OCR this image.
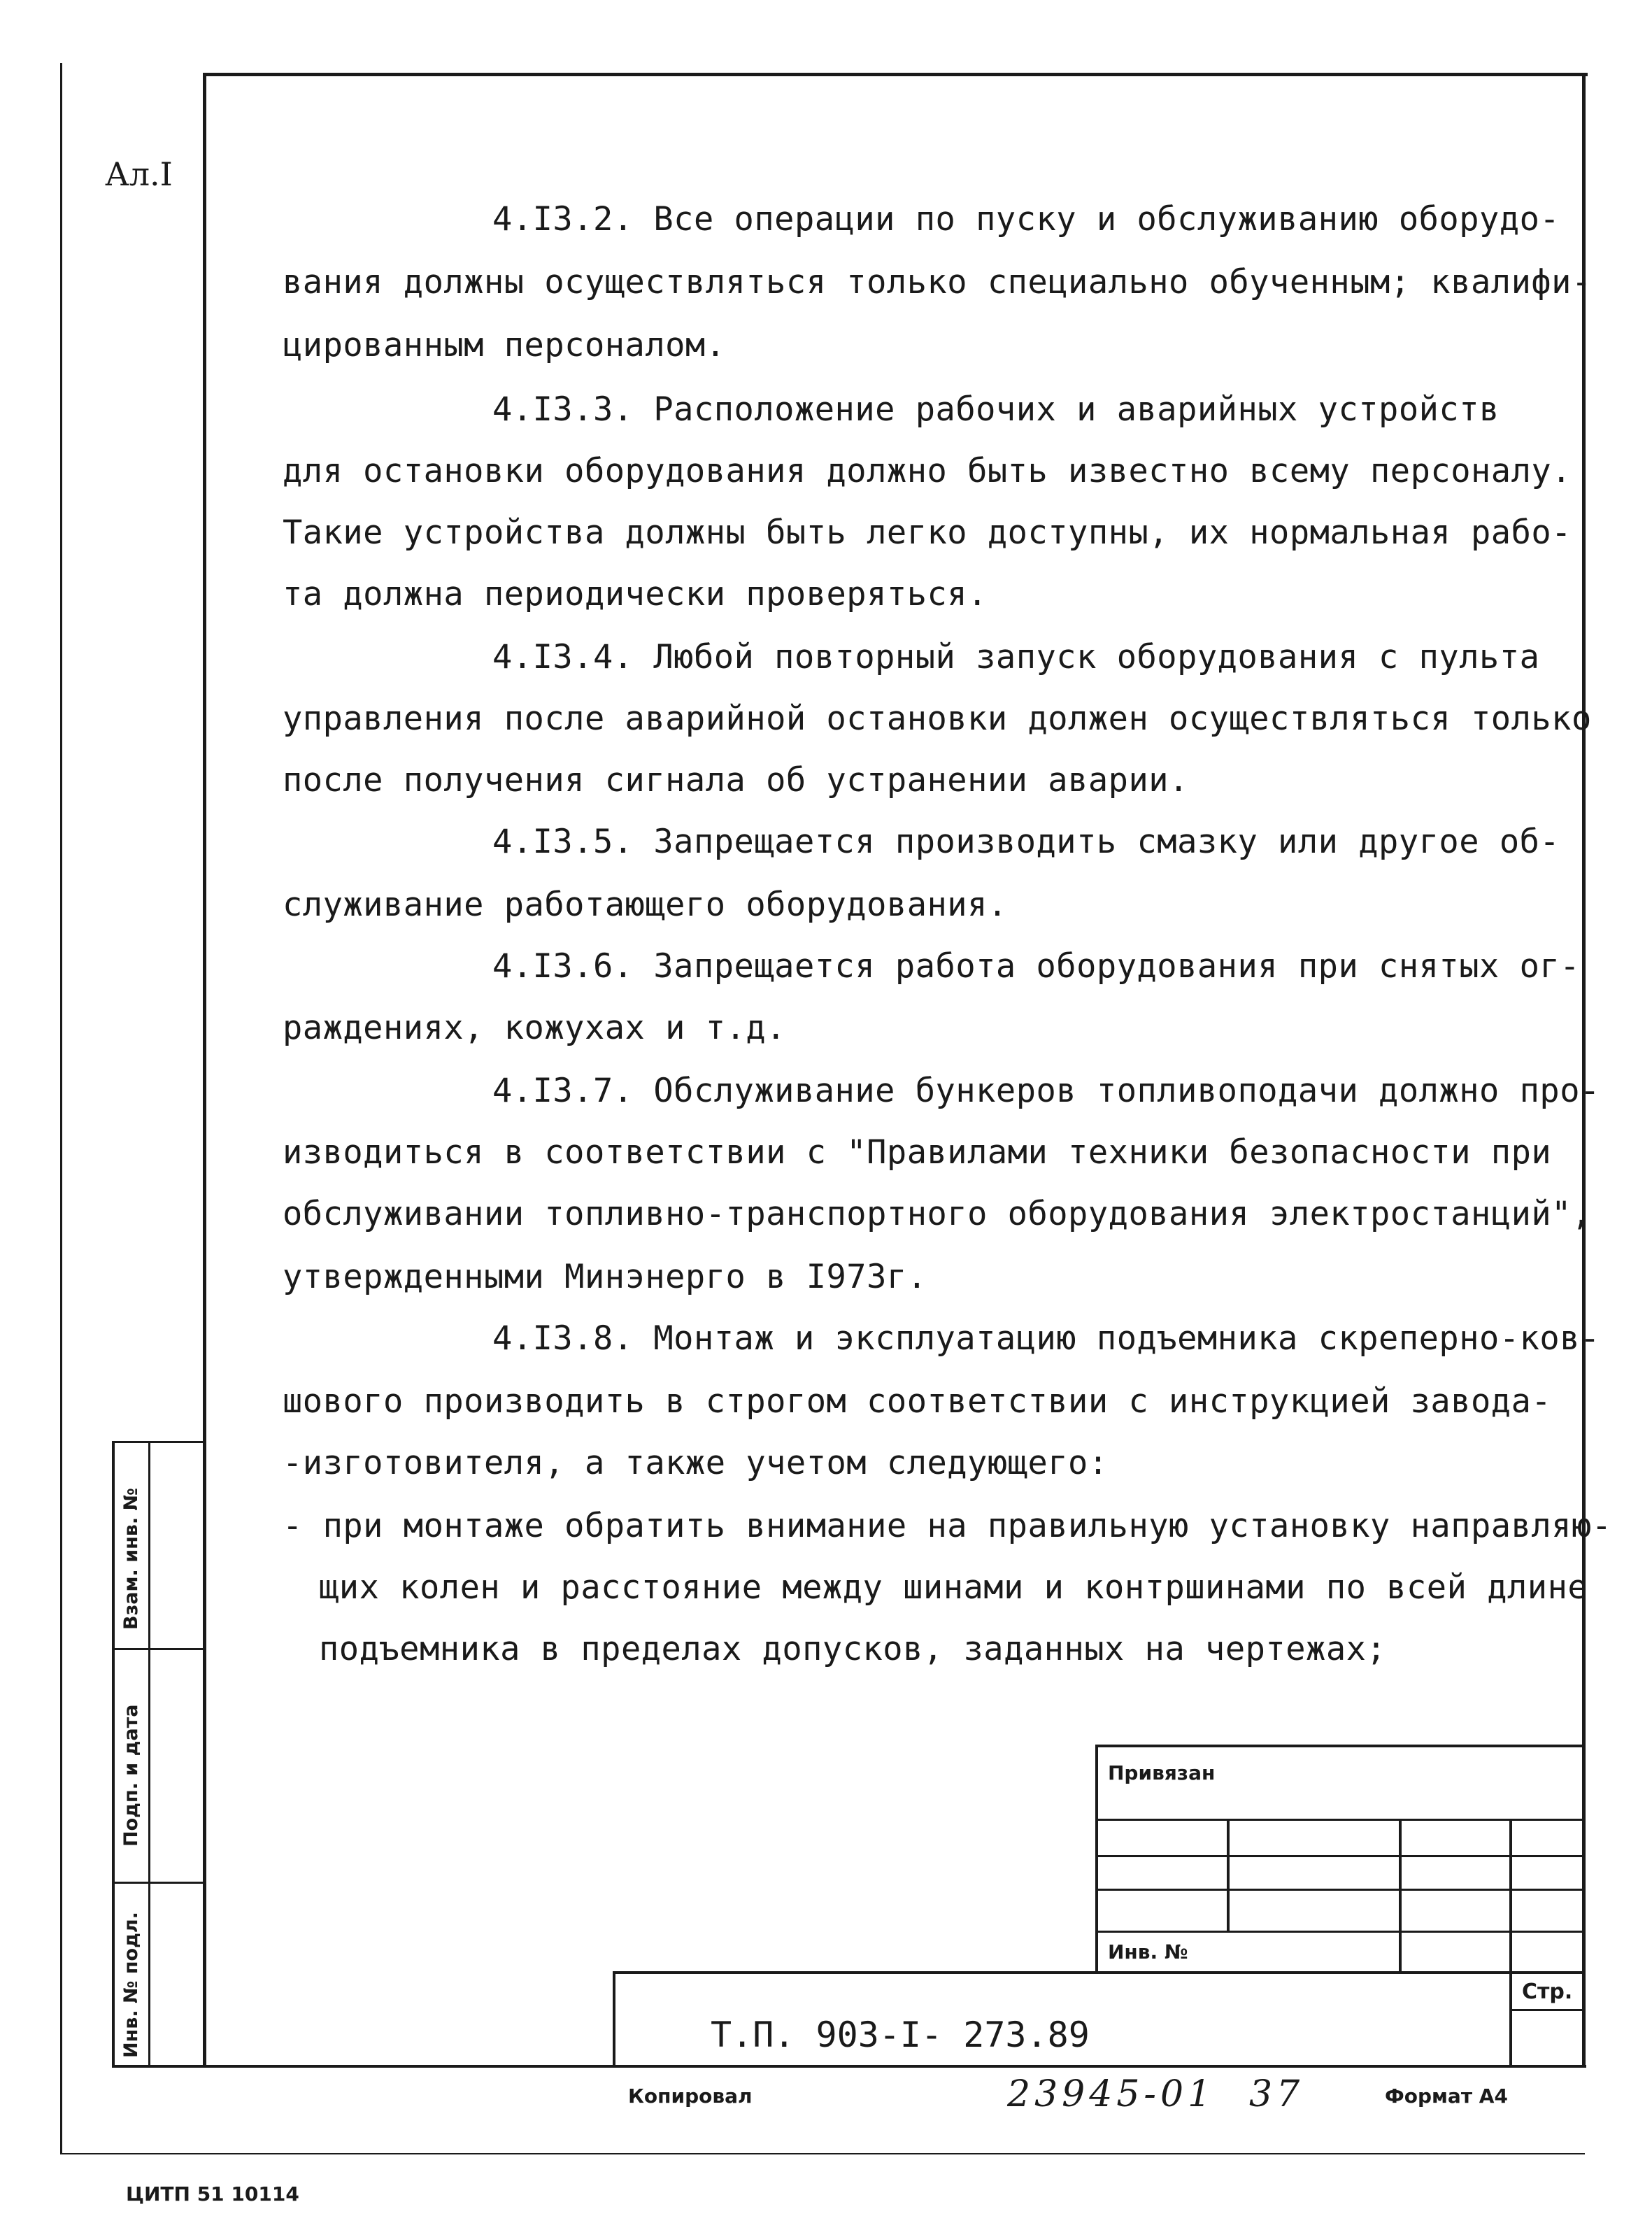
Ал.I
4.I3.2. Все операции по пуску и обслуживанию оборудо-
вания должны осуществляться только специально обученным; квалифи-
цированным персоналом.
4.I3.3. Расположение рабочих и аварийных устройств
для остановки оборудования должно быть известно всему персоналу.
Такие устройства должны быть легко доступны, их нормальная рабо-
та должна периодически проверяться.
4.I3.4. Любой повторный запуск оборудования с пульта
управления после аварийной остановки должен осуществляться только
после получения сигнала об устранении аварии.
4.I3.5. Запрещается производить смазку или другое об-
служивание работающего оборудования.
4.I3.6. Запрещается работа оборудования при снятых ог-
раждениях, кожухах и т.д.
4.I3.7. Обслуживание бункеров топливоподачи должно про-
изводиться в соответствии с "Правилами техники безопасности при
обслуживании топливно-транспортного оборудования электростанций",
утвержденными Минэнерго в I973г.
4.I3.8. Монтаж и эксплуатацию подъемника скреперно-ков-
шового производить в строгом соответствии с инструкцией завода-
-изготовителя, а также учетом следующего:
- при монтаже обратить внимание на правильную установку направляю-
щих колен и расстояние между шинами и контршинами по всей длине
подъемника в пределах допусков, заданных на чертежах;
Взам. инв. №
Подп. и дата
Инв. № подл.
Привязан
Инв. №
Стр.
Т.П. 903-I- 273.89
Копировал	23945-01 37	Формат А4
ЦИТП 51 10114
